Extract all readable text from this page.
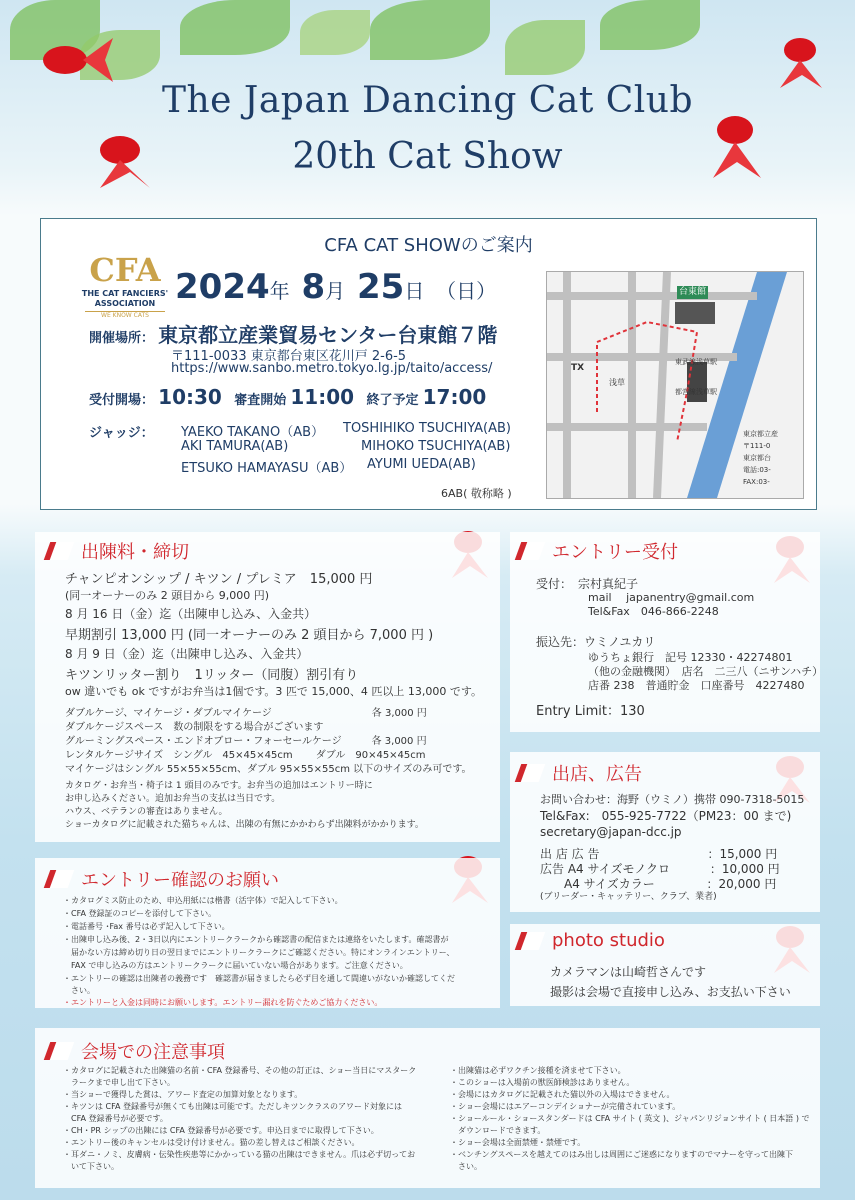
The Japan Dancing Cat Club
20th Cat Show
CFA CAT SHOWのご案内
CFA
THE CAT FANCIERS'
ASSOCIATION
WE KNOW CATS
2024年 8月 25日 （日）
開催場所： 東京都立産業貿易センター台東館７階
〒111-0033 東京都台東区花川戸 2-6-5
https://www.sanbo.metro.tokyo.lg.jp/taito/access/
受付開場： 10:30 審査開始 11:00 終了予定 17:00
ジャッジ： YAEKO TAKANO（AB） TOSHIHIKO TSUCHIYA(AB)
AKI TAMURA(AB)	MIHOKO TSUCHIYA(AB)
ETSUKO HAMAYASU（AB） AYUMI UEDA(AB)
6AB( 敬称略 )
台東館
東武線浅草駅
TX
浅草
都営線浅草駅
東京都立産
〒111-0
東京都台
電話:03-
FAX:03-
出陳料・締切
チャンピオンシップ / キツン / プレミア　15,000 円
(同一オーナーのみ 2 頭目から 9,000 円)
8 月 16 日（金）迄（出陳申し込み、入金共）
早期割引 13,000 円 (同一オーナーのみ 2 頭目から 7,000 円 )
8 月 9 日（金）迄（出陳申し込み、入金共）
キツンリッター割り　1リッター（同腹）割引有り
ow 違いでも ok ですがお弁当は1個です。3 匹で 15,000、4 匹以上 13,000 です。
ダブルケージ、マイケージ・ダブルマイケージ　　　　　　　　　　各 3,000 円
ダブルケージスペース　数の制限をする場合がございます
グルーミングスペース・エンドオブロー・フォーセールケージ　　　各 3,000 円
レンタルケージサイズ　シングル　45×45×45cm　　 ダブル　90×45×45cm
マイケージはシングル 55×55×55cm、ダブル 95×55×55cm 以下のサイズのみ可です。
カタログ・お弁当・椅子は 1 頭目のみです。お弁当の追加はエントリー時に
お申し込みください。追加お弁当の支払は当日です。
ハウス、ベテランの審査はありません。
ショーカタログに記載された猫ちゃんは、出陳の有無にかかわらず出陳料がかかります。
エントリー受付
受付：　宗村真紀子
mail　 japanentry@gmail.com
Tel&Fax　046-866-2248
振込先：ウミノユカリ
ゆうちょ銀行　記号 12330・42274801
（他の金融機関）　店名　二三八（ニサンハチ）
店番 238　普通貯金　口座番号　4227480
Entry Limit：130
出店、広告
お問い合わせ：海野（ウミノ）携帯 090-7318-5015
Tel&Fax:　055-925-7722（PM23：00 まで)
secretary@japan-dcc.jp
出 店 広 告　　　　　　　　　：15,000 円
広告 A4 サイズモノクロ　　　 ：10,000 円
　　A4 サイズカラー　　　　 ：20,000 円
(ブリーダー・キャッテリー、クラブ、業者)
photo studio
カメラマンは山崎哲さんです
撮影は会場で直接申し込み、お支払い下さい
エントリー確認のお願い
・カタログミス防止のため、申込用紙には楷書（活字体）で記入して下さい。
・CFA 登録証のコピーを添付して下さい。
・電話番号 ･Fax 番号は必ず記入して下さい。
・出陳申し込み後、2・3日以内にエントリークラークから確認書の配信または連絡をいたします。確認書が
　届かない方は締め切り日の翌日までにエントリークラークにご確認ください。特にオンラインエントリー、
　FAX で申し込みの方はエントリークラークに届いていない場合があります。ご注意ください。
・エントリーの確認は出陳者の義務です　確認書が届きましたら必ず目を通して間違いがないか確認してくだ
　さい。
・エントリーと入金は同時にお願いします。エントリー漏れを防ぐためご協力ください。
会場での注意事項
・カタログに記載された出陳猫の名前・CFA 登録番号、その他の訂正は、ショー当日にマスターク
　ラークまで申し出て下さい。
・当ショーで獲得した賞は、アワード査定の加算対象となります。
・キツンは CFA 登録番号が無くても出陳は可能です。ただしキツンクラスのアワード対象には
　CFA 登録番号が必要です。
・CH・PR シップの出陳には CFA 登録番号が必要です。申込日までに取得して下さい。
・エントリー後のキャンセルは受け付けません。猫の差し替えはご相談ください。
・耳ダニ・ノミ、皮膚病・伝染性疾患等にかかっている猫の出陳はできません。爪は必ず切ってお
　いて下さい。
・出陳猫は必ずワクチン接種を済ませて下さい。
・このショーは入場前の獣医師検診はありません。
・会場にはカタログに記載された猫以外の入場はできません。
・ショー会場にはエアーコンデイショナーが完備されています。
・ショールール・ショースタンダードは CFA サイト ( 英文 )、ジャパンリジョンサイト ( 日本語 ) で
　ダウンロードできます。
・ショー会場は全面禁煙・禁煙です。
・ベンチングスペースを越えてのはみ出しは周囲にご迷惑になりますのでマナーを守って出陳下
　さい。
